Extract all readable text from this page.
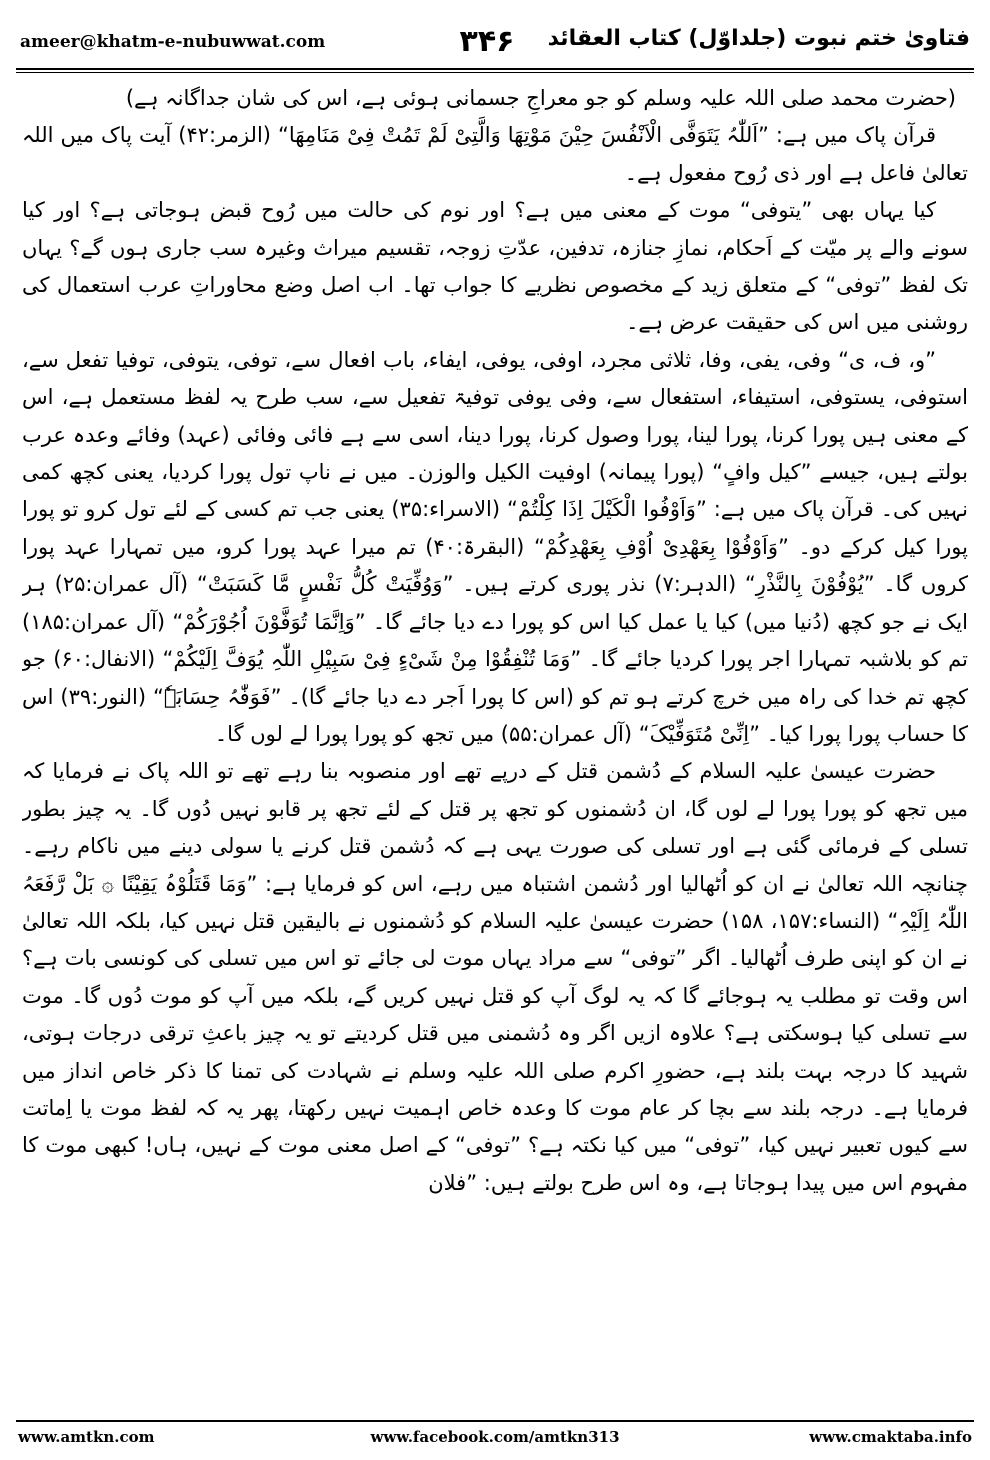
ameer@khatm-e-nubuwwat.com	۳۴۶	فتاویٰ ختم نبوت (جلداوّل) کتاب العقائد

(حضرت محمد صلی اللہ علیہ وسلم کو جو معراجِ جسمانی ہوئی ہے، اس کی شان جداگانہ ہے)

قرآن پاک میں ہے: ”اَللّٰہُ یَتَوَفَّی الْاَنْفُسَ حِیْنَ مَوْتِھَا وَالَّتِیْ لَمْ تَمُتْ فِیْ مَنَامِھَا“ (الزمر:۴۲) آیت پاک میں اللہ تعالیٰ فاعل ہے اور ذی رُوح مفعول ہے۔

کیا یہاں بھی ”یتوفی“ موت کے معنی میں ہے؟ اور نوم کی حالت میں رُوح قبض ہوجاتی ہے؟ اور کیا سونے والے پر میّت کے اَحکام، نمازِ جنازہ، تدفین، عدّتِ زوجہ، تقسیم میراث وغیرہ سب جاری ہوں گے؟ یہاں تک لفظ ”توفی“ کے متعلق زید کے مخصوص نظریے کا جواب تھا۔ اب اصل وضع محاوراتِ عرب استعمال کی روشنی میں اس کی حقیقت عرض ہے۔

”و، ف، ی“ وفی، یفی، وفا، ثلاثی مجرد، اوفی، یوفی، ایفاء، باب افعال سے، توفی، یتوفی، توفیا تفعل سے، استوفی، یستوفی، استیفاء، استفعال سے، وفی یوفی توفیۃ تفعیل سے، سب طرح یہ لفظ مستعمل ہے، اس کے معنی ہیں پورا کرنا، پورا لینا، پورا وصول کرنا، پورا دینا، اسی سے ہے فائی وفائی (عہد) وفائے وعدہ عرب بولتے ہیں، جیسے ”کیل وافٍ“ (پورا پیمانہ) اوفیت الکیل والوزن۔ میں نے ناپ تول پورا کردیا، یعنی کچھ کمی نہیں کی۔ قرآن پاک میں ہے: ”وَاَوْفُوا الْکَیْلَ اِذَا کِلْتُمْ“ (الاسراء:۳۵) یعنی جب تم کسی کے لئے تول کرو تو پورا پورا کیل کرکے دو۔ ”وَاَوْفُوْا بِعَھْدِیْ اُوْفِ بِعَھْدِکُمْ“ (البقرۃ:۴۰) تم میرا عہد پورا کرو، میں تمہارا عہد پورا کروں گا۔ ”یُوْفُوْنَ بِالنَّذْرِ“ (الدہر:۷) نذر پوری کرتے ہیں۔ ”وَوُفِّیَتْ کُلُّ نَفْسٍ مَّا کَسَبَتْ“ (آل عمران:۲۵) ہر ایک نے جو کچھ (دُنیا میں) کیا یا عمل کیا اس کو پورا دے دیا جائے گا۔ ”وَاِنَّمَا تُوَفَّوْنَ اُجُوْرَکُمْ“ (آل عمران:۱۸۵) تم کو بلاشبہ تمہارا اجر پورا کردیا جائے گا۔ ”وَمَا تُنْفِقُوْا مِنْ شَیْءٍ فِیْ سَبِیْلِ اللّٰہِ یُوَفَّ اِلَیْکُمْ“ (الانفال:۶۰) جو کچھ تم خدا کی راہ میں خرچ کرتے ہو تم کو (اس کا پورا اَجر دے دیا جائے گا)۔ ”فَوَفّٰہُ حِسَابَہٗ“ (النور:۳۹) اس کا حساب پورا پورا کیا۔ ”اِنِّیْ مُتَوَفِّیْکَ“ (آل عمران:۵۵) میں تجھ کو پورا پورا لے لوں گا۔

حضرت عیسیٰ علیہ السلام کے دُشمن قتل کے درپے تھے اور منصوبہ بنا رہے تھے تو اللہ پاک نے فرمایا کہ میں تجھ کو پورا پورا لے لوں گا، ان دُشمنوں کو تجھ پر قتل کے لئے تجھ پر قابو نہیں دُوں گا۔ یہ چیز بطور تسلی کے فرمائی گئی ہے اور تسلی کی صورت یہی ہے کہ دُشمن قتل کرنے یا سولی دینے میں ناکام رہے۔ چنانچہ اللہ تعالیٰ نے ان کو اُٹھالیا اور دُشمن اشتباہ میں رہے، اس کو فرمایا ہے: ”وَمَا قَتَلُوْہُ یَقِیْنًا ۞ بَلْ رَّفَعَہُ اللّٰہُ اِلَیْہِ“ (النساء:۱۵۷، ۱۵۸) حضرت عیسیٰ علیہ السلام کو دُشمنوں نے بالیقین قتل نہیں کیا، بلکہ اللہ تعالیٰ نے ان کو اپنی طرف اُٹھالیا۔ اگر ”توفی“ سے مراد یہاں موت لی جائے تو اس میں تسلی کی کونسی بات ہے؟ اس وقت تو مطلب یہ ہوجائے گا کہ یہ لوگ آپ کو قتل نہیں کریں گے، بلکہ میں آپ کو موت دُوں گا۔ موت سے تسلی کیا ہوسکتی ہے؟ علاوہ ازیں اگر وہ دُشمنی میں قتل کردیتے تو یہ چیز باعثِ ترقی درجات ہوتی، شہید کا درجہ بہت بلند ہے، حضورِ اکرم صلی اللہ علیہ وسلم نے شہادت کی تمنا کا ذکر خاص انداز میں فرمایا ہے۔ درجہ بلند سے بچا کر عام موت کا وعدہ خاص اہمیت نہیں رکھتا، پھر یہ کہ لفظ موت یا اِماتت سے کیوں تعبیر نہیں کیا، ”توفی“ میں کیا نکتہ ہے؟ ”توفی“ کے اصل معنی موت کے نہیں، ہاں! کبھی موت کا مفہوم اس میں پیدا ہوجاتا ہے، وہ اس طرح بولتے ہیں: ”فلان

www.amtkn.com	www.facebook.com/amtkn313	www.cmaktaba.info
